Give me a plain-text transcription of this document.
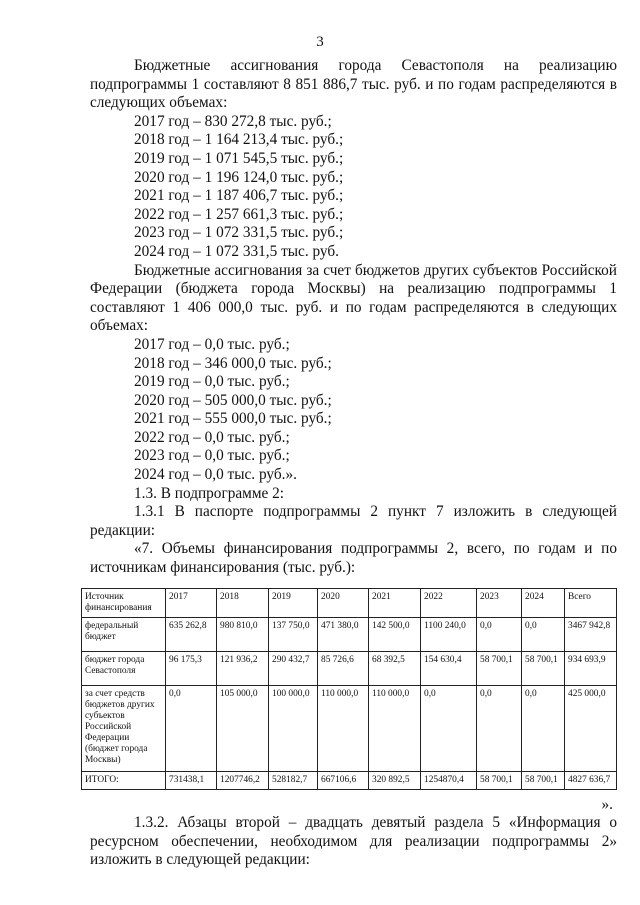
3

Бюджетные ассигнования города Севастополя на реализацию подпрограммы 1 составляют 8 851 886,7 тыс. руб. и по годам распределяются в следующих объемах:

2017 год – 830 272,8 тыс. руб.;

2018 год – 1 164 213,4 тыс. руб.;

2019 год – 1 071 545,5 тыс. руб.;

2020 год – 1 196 124,0 тыс. руб.;

2021 год – 1 187 406,7 тыс. руб.;

2022 год – 1 257 661,3 тыс. руб.;

2023 год – 1 072 331,5 тыс. руб.;

2024 год – 1 072 331,5 тыс. руб.

Бюджетные ассигнования за счет бюджетов других субъектов Российской Федерации (бюджета города Москвы) на реализацию подпрограммы 1 составляют 1 406 000,0 тыс. руб. и по годам распределяются в следующих объемах:

2017 год – 0,0 тыс. руб.;

2018 год – 346 000,0 тыс. руб.;

2019 год – 0,0 тыс. руб.;

2020 год – 505 000,0 тыс. руб.;

2021 год – 555 000,0 тыс. руб.;

2022 год – 0,0 тыс. руб.;

2023 год – 0,0 тыс. руб.;

2024 год – 0,0 тыс. руб.».

1.3. В подпрограмме 2:

1.3.1 В паспорте подпрограммы 2 пункт 7 изложить в следующей редакции:

«7. Объемы финансирования подпрограммы 2, всего, по годам и по источникам финансирования (тыс. руб.):

Источник финансирования	2017	2018	2019	2020	2021	2022	2023	2024	Всего
федеральный бюджет	635 262,8	980 810,0	137 750,0	471 380,0	142 500,0	1100 240,0	0,0	0,0	3467 942,8
бюджет города Севастополя	96 175,3	121 936,2	290 432,7	85 726,6	68 392,5	154 630,4	58 700,1	58 700,1	934 693,9
за счет средств бюджетов других субъектов Российской Федерации (бюджет города Москвы)	0,0	105 000,0	100 000,0	110 000,0	110 000,0	0,0	0,0	0,0	425 000,0
ИТОГО:	731438,1	1207746,2	528182,7	667106,6	320 892,5	1254870,4	58 700,1	58 700,1	4827 636,7

».

1.3.2. Абзацы второй – двадцать девятый раздела 5 «Информация о ресурсном обеспечении, необходимом для реализации подпрограммы 2» изложить в следующей редакции:
